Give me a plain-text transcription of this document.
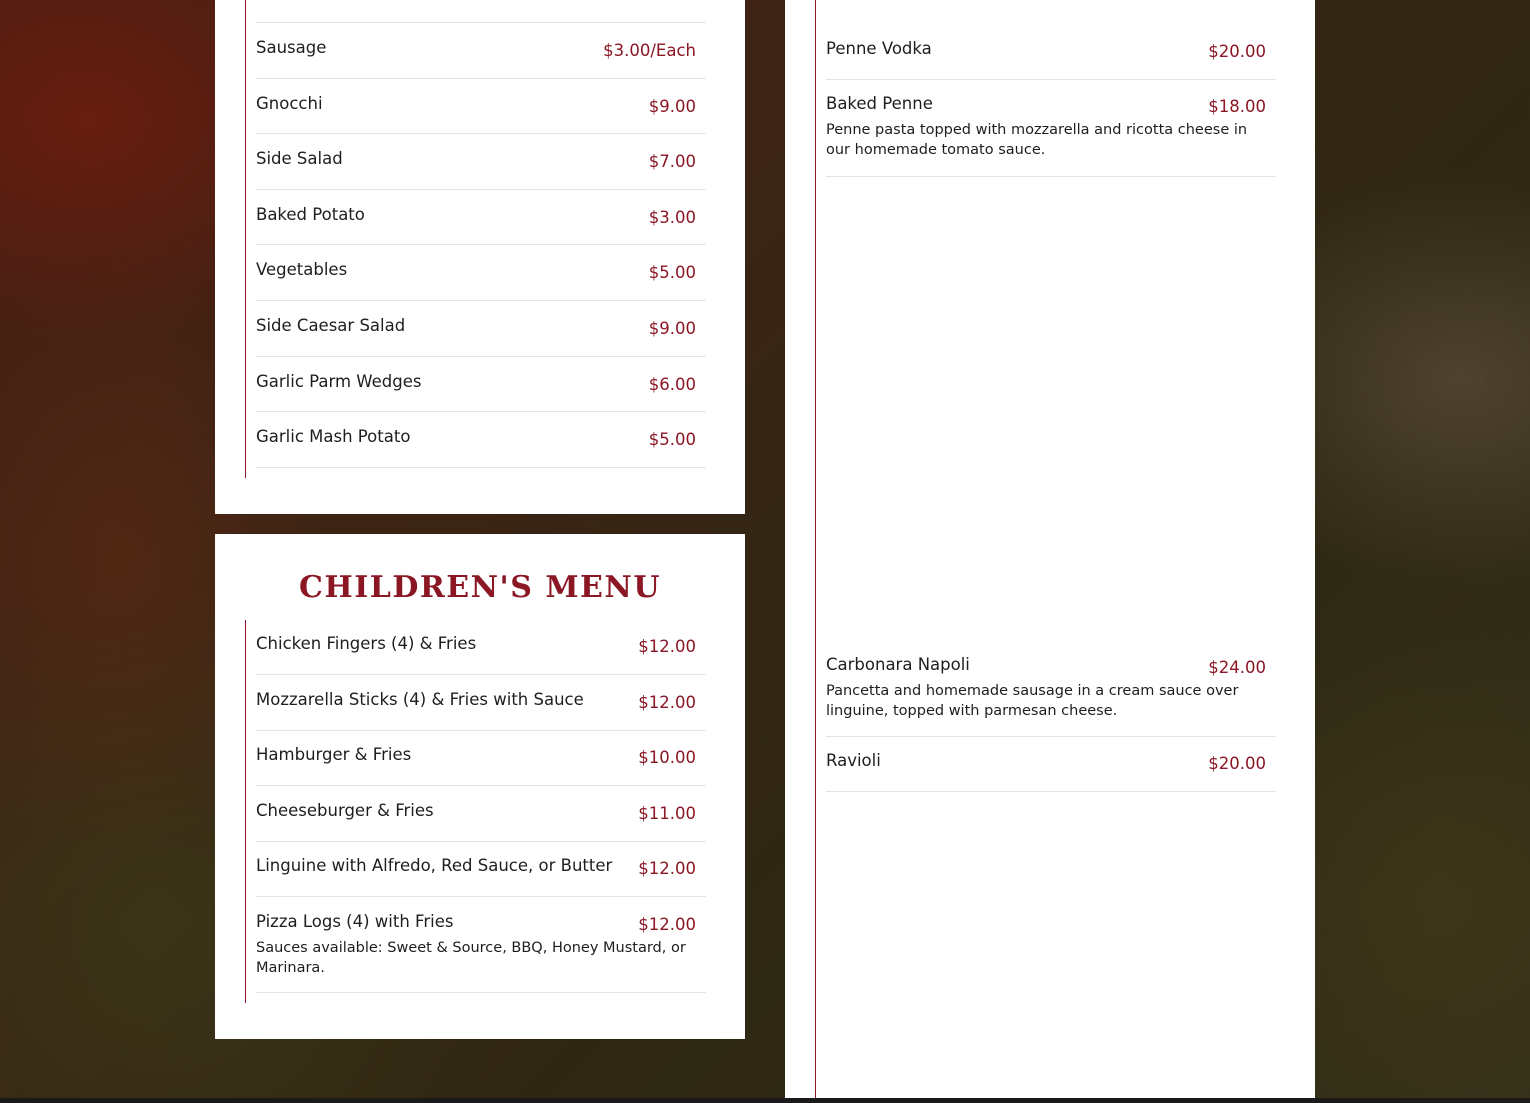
Sausage	$3.00/Each
Gnocchi	$9.00
Side Salad	$7.00
Baked Potato	$3.00
Vegetables	$5.00
Side Caesar Salad	$9.00
Garlic Parm Wedges	$6.00
Garlic Mash Potato	$5.00
CHILDREN'S MENU
Chicken Fingers (4) & Fries	$12.00
Mozzarella Sticks (4) & Fries with Sauce	$12.00
Hamburger & Fries	$10.00
Cheeseburger & Fries	$11.00
Linguine with Alfredo, Red Sauce, or Butter $12.00
Pizza Logs (4) with Fries	$12.00
Sauces available: Sweet & Source, BBQ, Honey Mustard, or Marinara.
Penne Vodka	$20.00
Baked Penne	$18.00
Penne pasta topped with mozzarella and ricotta cheese in our homemade tomato sauce.
Carbonara Napoli	$24.00
Pancetta and homemade sausage in a cream sauce over linguine, topped with parmesan cheese.
Ravioli	$20.00
